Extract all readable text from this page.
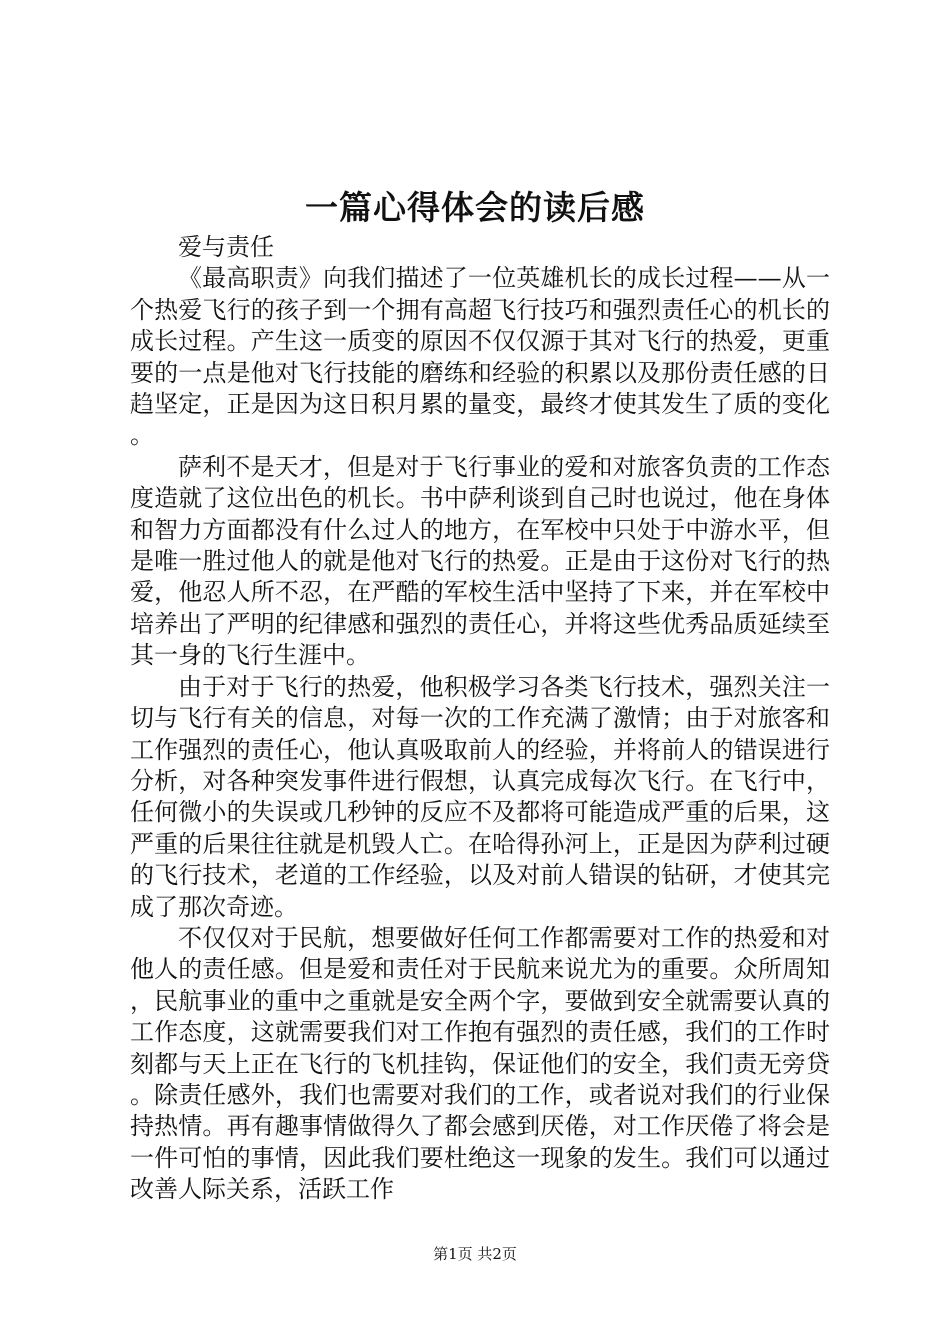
一篇心得体会的读后感

爱与责任

《最高职责》向我们描述了一位英雄机长的成长过程——从一个热爱飞行的孩子到一个拥有高超飞行技巧和强烈责任心的机长的成长过程。产生这一质变的原因不仅仅源于其对飞行的热爱，更重要的一点是他对飞行技能的磨练和经验的积累以及那份责任感的日趋坚定，正是因为这日积月累的量变，最终才使其发生了质的变化。

萨利不是天才，但是对于飞行事业的爱和对旅客负责的工作态度造就了这位出色的机长。书中萨利谈到自己时也说过，他在身体和智力方面都没有什么过人的地方，在军校中只处于中游水平，但是唯一胜过他人的就是他对飞行的热爱。正是由于这份对飞行的热爱，他忍人所不忍，在严酷的军校生活中坚持了下来，并在军校中培养出了严明的纪律感和强烈的责任心，并将这些优秀品质延续至其一身的飞行生涯中。

由于对于飞行的热爱，他积极学习各类飞行技术，强烈关注一切与飞行有关的信息，对每一次的工作充满了激情；由于对旅客和工作强烈的责任心，他认真吸取前人的经验，并将前人的错误进行分析，对各种突发事件进行假想，认真完成每次飞行。在飞行中，任何微小的失误或几秒钟的反应不及都将可能造成严重的后果，这严重的后果往往就是机毁人亡。在哈得孙河上，正是因为萨利过硬的飞行技术，老道的工作经验，以及对前人错误的钻研，才使其完成了那次奇迹。

不仅仅对于民航，想要做好任何工作都需要对工作的热爱和对他人的责任感。但是爱和责任对于民航来说尤为的重要。众所周知，民航事业的重中之重就是安全两个字，要做到安全就需要认真的工作态度，这就需要我们对工作抱有强烈的责任感，我们的工作时刻都与天上正在飞行的飞机挂钩，保证他们的安全，我们责无旁贷。除责任感外，我们也需要对我们的工作，或者说对我们的行业保持热情。再有趣事情做得久了都会感到厌倦，对工作厌倦了将会是一件可怕的事情，因此我们要杜绝这一现象的发生。我们可以通过改善人际关系，活跃工作

第1页 共2页
